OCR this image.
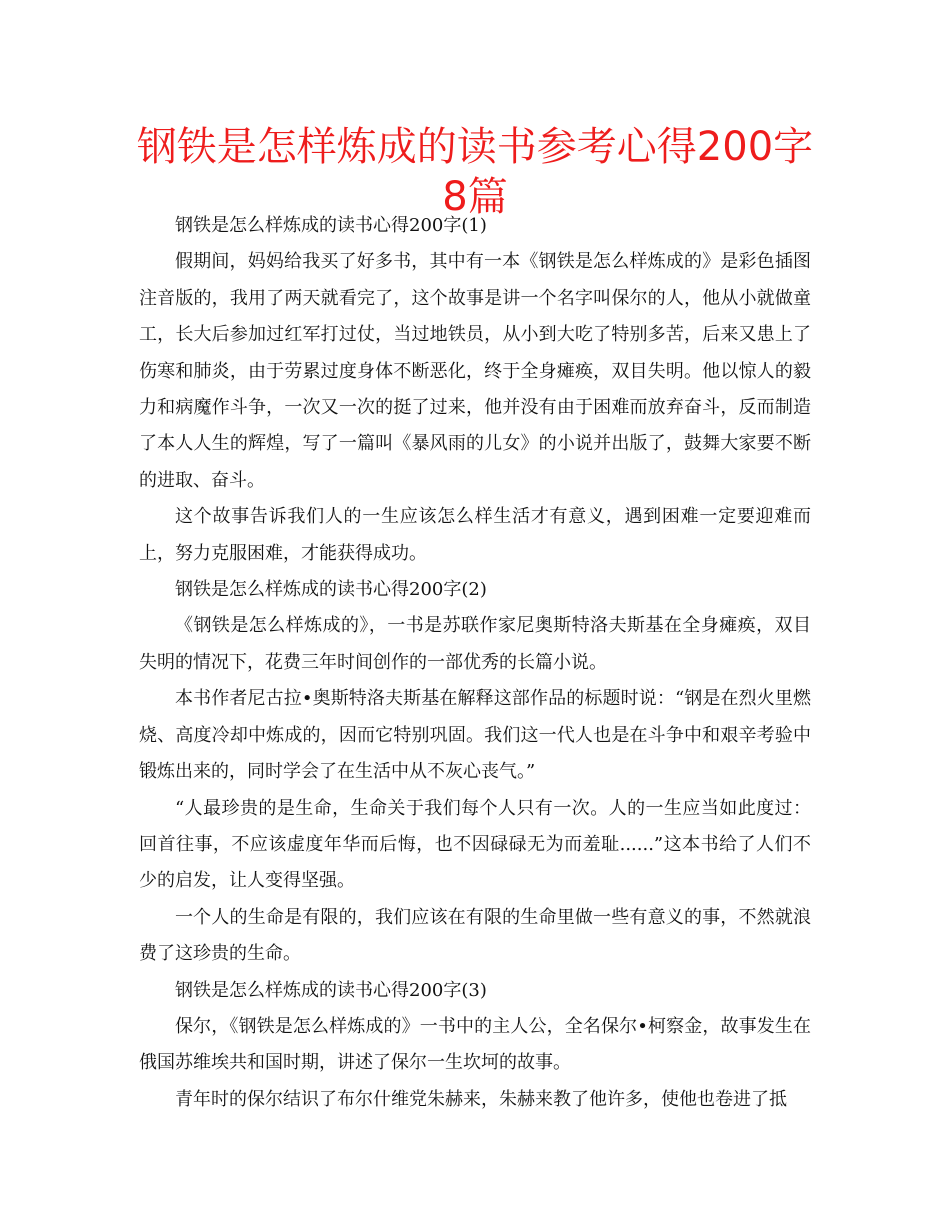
钢铁是怎样炼成的读书参考心得200字8篇

钢铁是怎么样炼成的读书心得200字(1)

假期间，妈妈给我买了好多书，其中有一本《钢铁是怎么样炼成的》是彩色插图注音版的，我用了两天就看完了，这个故事是讲一个名字叫保尔的人，他从小就做童工，长大后参加过红军打过仗，当过地铁员，从小到大吃了特别多苦，后来又患上了伤寒和肺炎，由于劳累过度身体不断恶化，终于全身瘫痪，双目失明。他以惊人的毅力和病魔作斗争，一次又一次的挺了过来，他并没有由于困难而放弃奋斗，反而制造了本人人生的辉煌，写了一篇叫《暴风雨的儿女》的小说并出版了，鼓舞大家要不断的进取、奋斗。

这个故事告诉我们人的一生应该怎么样生活才有意义，遇到困难一定要迎难而上，努力克服困难，才能获得成功。

钢铁是怎么样炼成的读书心得200字(2)

《钢铁是怎么样炼成的》，一书是苏联作家尼奥斯特洛夫斯基在全身瘫痪，双目失明的情况下，花费三年时间创作的一部优秀的长篇小说。

本书作者尼古拉•奥斯特洛夫斯基在解释这部作品的标题时说：“钢是在烈火里燃烧、高度冷却中炼成的，因而它特别巩固。我们这一代人也是在斗争中和艰辛考验中锻炼出来的，同时学会了在生活中从不灰心丧气。”

“人最珍贵的是生命，生命关于我们每个人只有一次。人的一生应当如此度过：回首往事，不应该虚度年华而后悔，也不因碌碌无为而羞耻......”这本书给了人们不少的启发，让人变得坚强。

一个人的生命是有限的，我们应该在有限的生命里做一些有意义的事，不然就浪费了这珍贵的生命。

钢铁是怎么样炼成的读书心得200字(3)

保尔，《钢铁是怎么样炼成的》一书中的主人公，全名保尔•柯察金，故事发生在俄国苏维埃共和国时期，讲述了保尔一生坎坷的故事。

青年时的保尔结识了布尔什维党朱赫来，朱赫来教了他许多，使他也卷进了抵
